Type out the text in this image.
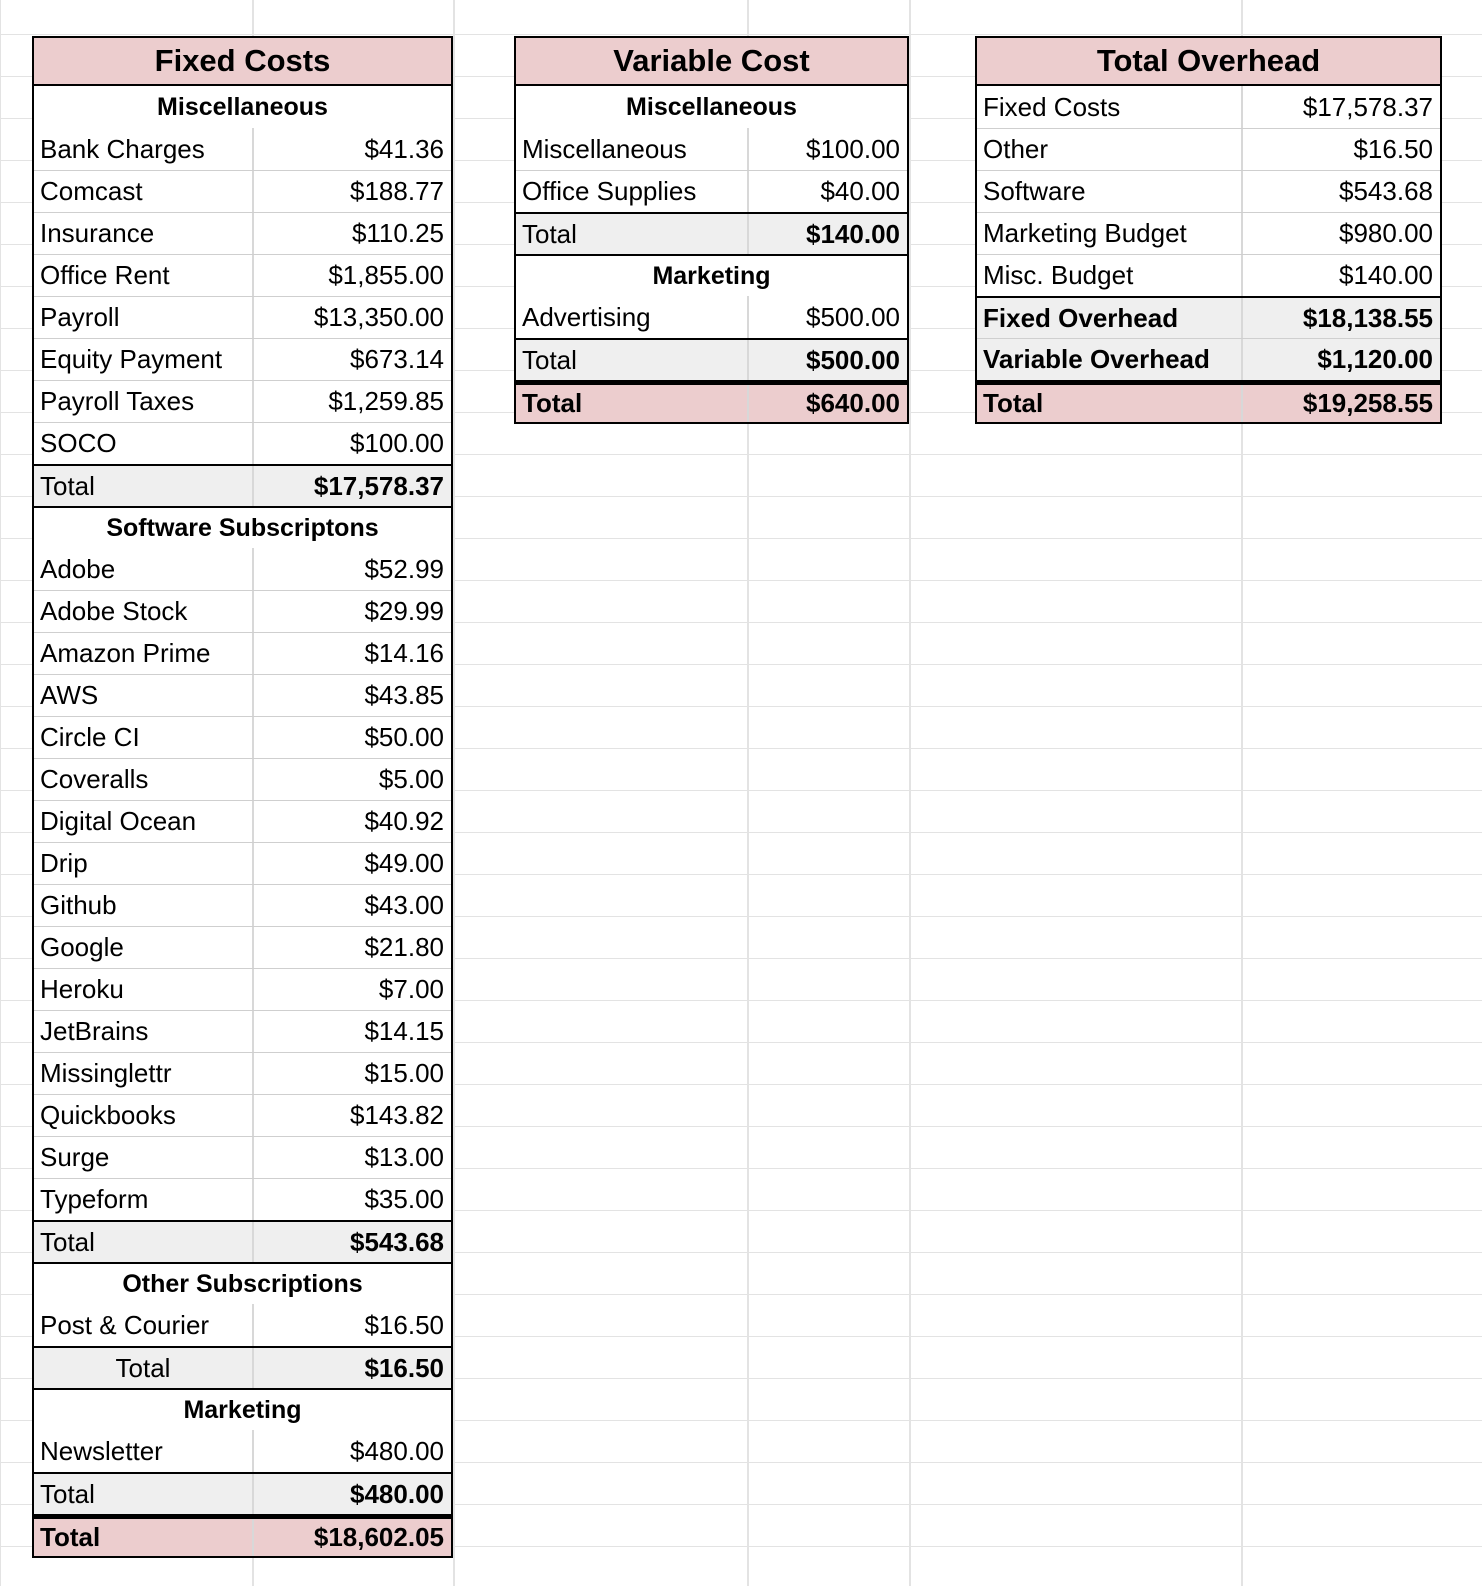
Fixed Costs
Miscellaneous
Bank Charges	$41.36
Comcast	$188.77
Insurance	$110.25
Office Rent	$1,855.00
Payroll	$13,350.00
Equity Payment	$673.14
Payroll Taxes	$1,259.85
SOCO	$100.00
Total	$17,578.37
Software Subscriptons
Adobe	$52.99
Adobe Stock	$29.99
Amazon Prime	$14.16
AWS	$43.85
Circle CI	$50.00
Coveralls	$5.00
Digital Ocean	$40.92
Drip	$49.00
Github	$43.00
Google	$21.80
Heroku	$7.00
JetBrains	$14.15
Missinglettr	$15.00
Quickbooks	$143.82
Surge	$13.00
Typeform	$35.00
Total	$543.68
Other Subscriptions
Post & Courier	$16.50
Total	$16.50
Marketing
Newsletter	$480.00
Total	$480.00
Total	$18,602.05
Variable Cost
Miscellaneous
Miscellaneous	$100.00
Office Supplies	$40.00
Total	$140.00
Marketing
Advertising	$500.00
Total	$500.00
Total	$640.00
Total Overhead
Fixed Costs	$17,578.37
Other	$16.50
Software	$543.68
Marketing Budget	$980.00
Misc. Budget	$140.00
Fixed Overhead	$18,138.55
Variable Overhead	$1,120.00
Total	$19,258.55
